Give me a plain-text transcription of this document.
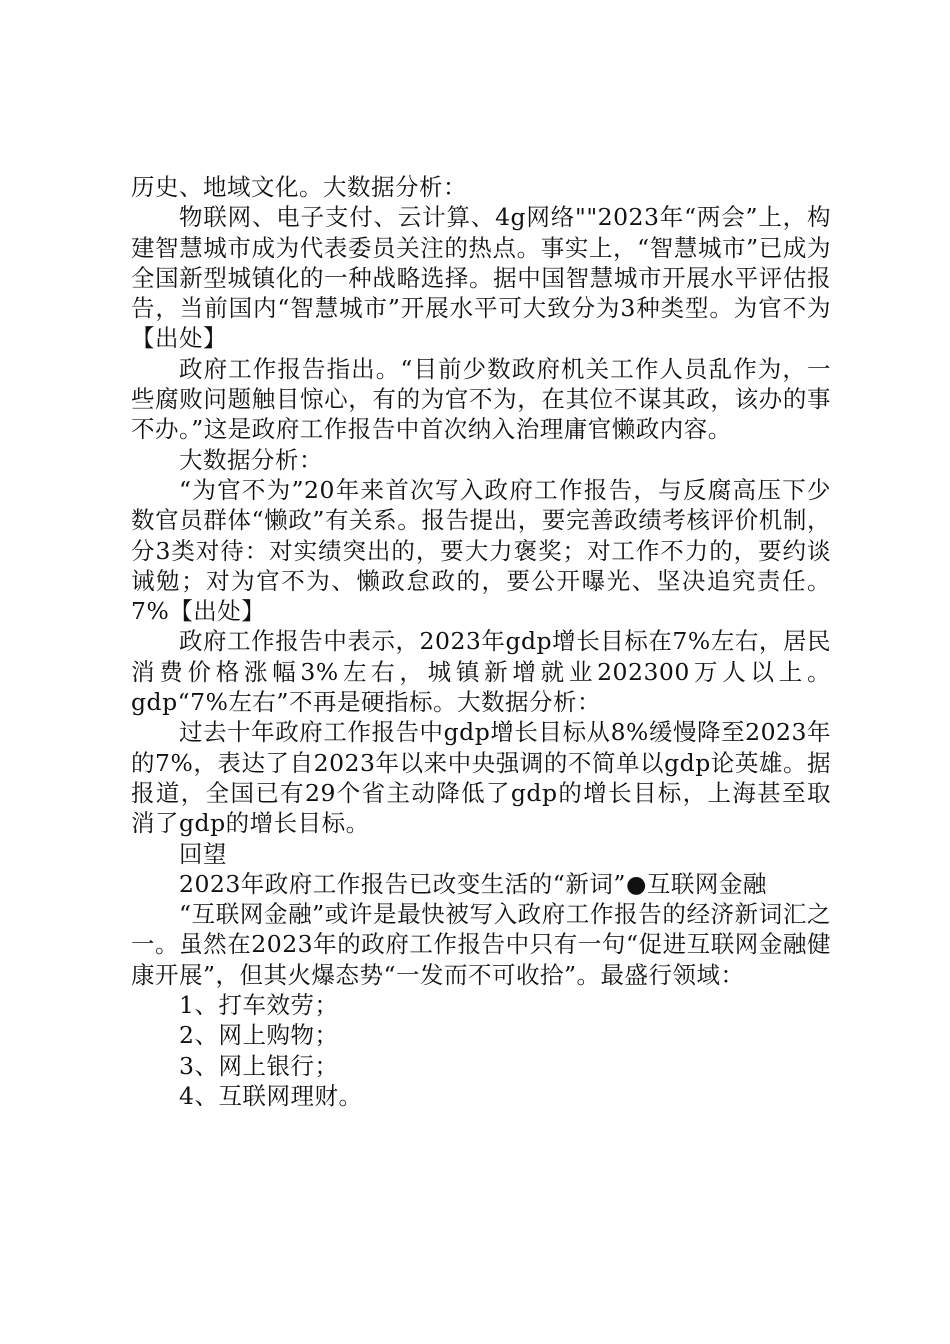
历史、地域文化。大数据分析：

物联网、电子支付、云计算、4g网络""2023年“两会”上，构建智慧城市成为代表委员关注的热点。事实上，“智慧城市”已成为全国新型城镇化的一种战略选择。据中国智慧城市开展水平评估报告，当前国内“智慧城市”开展水平可大致分为3种类型。为官不为【出处】

政府工作报告指出。“目前少数政府机关工作人员乱作为，一些腐败问题触目惊心，有的为官不为，在其位不谋其政，该办的事不办。”这是政府工作报告中首次纳入治理庸官懒政内容。

大数据分析：

“为官不为”20年来首次写入政府工作报告，与反腐高压下少数官员群体“懒政”有关系。报告提出，要完善政绩考核评价机制，分3类对待：对实绩突出的，要大力褒奖；对工作不力的，要约谈诫勉；对为官不为、懒政怠政的，要公开曝光、坚决追究责任。7%【出处】

政府工作报告中表示，2023年gdp增长目标在7%左右，居民消费价格涨幅3%左右，城镇新增就业202300万人以上。gdp“7%左右”不再是硬指标。大数据分析：

过去十年政府工作报告中gdp增长目标从8%缓慢降至2023年的7%，表达了自2023年以来中央强调的不简单以gdp论英雄。据报道，全国已有29个省主动降低了gdp的增长目标，上海甚至取消了gdp的增长目标。

回望

2023年政府工作报告已改变生活的“新词”●互联网金融

“互联网金融”或许是最快被写入政府工作报告的经济新词汇之一。虽然在2023年的政府工作报告中只有一句“促进互联网金融健康开展”，但其火爆态势“一发而不可收拾”。最盛行领域：

1、打车效劳；

2、网上购物；

3、网上银行；

4、互联网理财。
